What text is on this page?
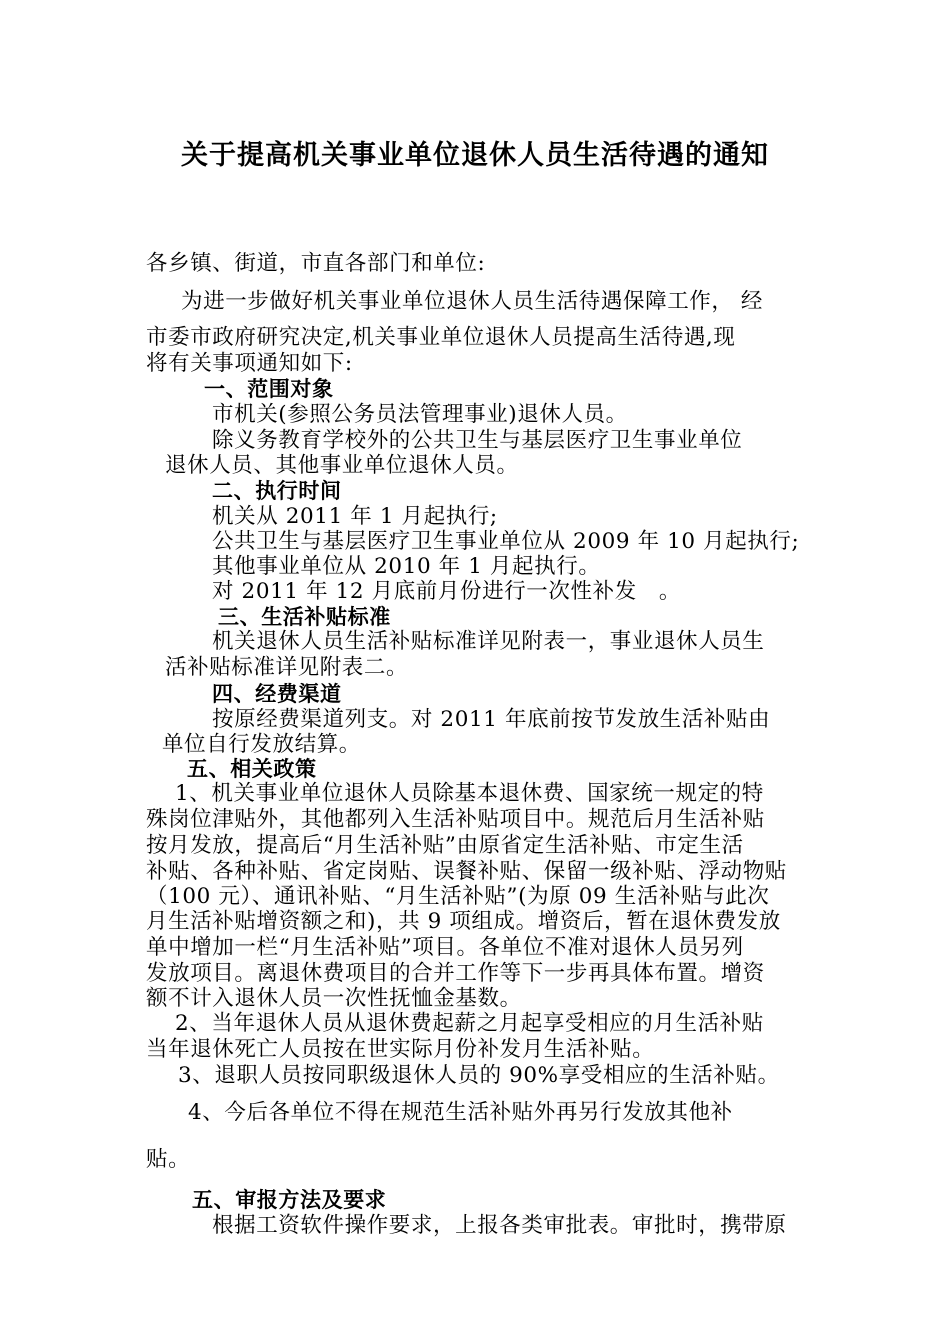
关于提高机关事业单位退休人员生活待遇的通知
各乡镇、街道，市直各部门和单位:
为进一步做好机关事业单位退休人员生活待遇保障工作， 经
市委市政府研究决定,机关事业单位退休人员提高生活待遇,现
将有关事项通知如下:
一、范围对象
市机关(参照公务员法管理事业)退休人员。
除义务教育学校外的公共卫生与基层医疗卫生事业单位
退休人员、其他事业单位退休人员。
二、执行时间
机关从 2011 年 1 月起执行;
公共卫生与基层医疗卫生事业单位从 2009 年 10 月起执行;
其他事业单位从 2010 年 1 月起执行。
对 2011 年 12 月底前月份进行一次性补发　。
三、生活补贴标准
机关退休人员生活补贴标准详见附表一，事业退休人员生
活补贴标准详见附表二。
四、经费渠道
按原经费渠道列支。对 2011 年底前按节发放生活补贴由
单位自行发放结算。
五、相关政策
1、机关事业单位退休人员除基本退休费、国家统一规定的特
殊岗位津贴外，其他都列入生活补贴项目中。规范后月生活补贴
按月发放，提高后“月生活补贴”由原省定生活补贴、市定生活
补贴、各种补贴、省定岗贴、误餐补贴、保留一级补贴、浮动物贴
（100 元）、通讯补贴、“月生活补贴”(为原 09 生活补贴与此次
月生活补贴增资额之和)，共 9 项组成。增资后，暂在退休费发放
单中增加一栏“月生活补贴”项目。各单位不准对退休人员另列
发放项目。离退休费项目的合并工作等下一步再具体布置。增资
额不计入退休人员一次性抚恤金基数。
2、当年退休人员从退休费起薪之月起享受相应的月生活补贴
当年退休死亡人员按在世实际月份补发月生活补贴。
3、退职人员按同职级退休人员的 90%享受相应的生活补贴。
4、今后各单位不得在规范生活补贴外再另行发放其他补
贴。
五、审报方法及要求
根据工资软件操作要求，上报各类审批表。审批时，携带原
